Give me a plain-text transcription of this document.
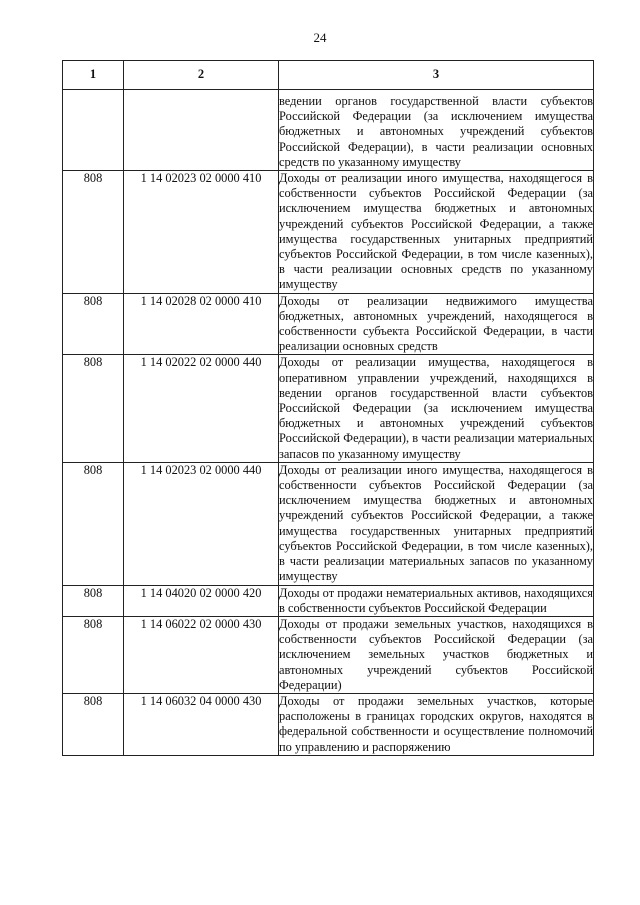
24
1	2	3
		ведении органов государственной власти субъектов Российской Федерации (за исключением имущества бюджетных и автономных учреждений субъектов Российской Федерации), в части реализации основных средств по указанному имуществу
808	1 14 02023 02 0000 410	Доходы от реализации иного имущества, находящегося в собственности субъектов Российской Федерации (за исключением имущества бюджетных и автономных учреждений субъектов Российской Федерации, а также имущества государственных унитарных предприятий субъектов Российской Федерации, в том числе казенных), в части реализации основных средств по указанному имуществу
808	1 14 02028 02 0000 410	Доходы от реализации недвижимого имущества бюджетных, автономных учреждений, находящегося в собственности субъекта Российской Федерации, в части реализации основных средств
808	1 14 02022 02 0000 440	Доходы от реализации имущества, находящегося в оперативном управлении учреждений, находящихся в ведении органов государственной власти субъектов Российской Федерации (за исключением имущества бюджетных и автономных учреждений субъектов Российской Федерации), в части реализации материальных запасов по указанному имуществу
808	1 14 02023 02 0000 440	Доходы от реализации иного имущества, находящегося в собственности субъектов Российской Федерации (за исключением имущества бюджетных и автономных учреждений субъектов Российской Федерации, а также имущества государственных унитарных предприятий субъектов Российской Федерации, в том числе казенных), в части реализации материальных запасов по указанному имуществу
808	1 14 04020 02 0000 420	Доходы от продажи нематериальных активов, находящихся в собственности субъектов Российской Федерации
808	1 14 06022 02 0000 430	Доходы от продажи земельных участков, находящихся в собственности субъектов Российской Федерации (за исключением земельных участков бюджетных и автономных учреждений субъектов Российской Федерации)
808	1 14 06032 04 0000 430	Доходы от продажи земельных участков, которые расположены в границах городских округов, находятся в федеральной собственности и осуществление полномочий по управлению и распоряжению
